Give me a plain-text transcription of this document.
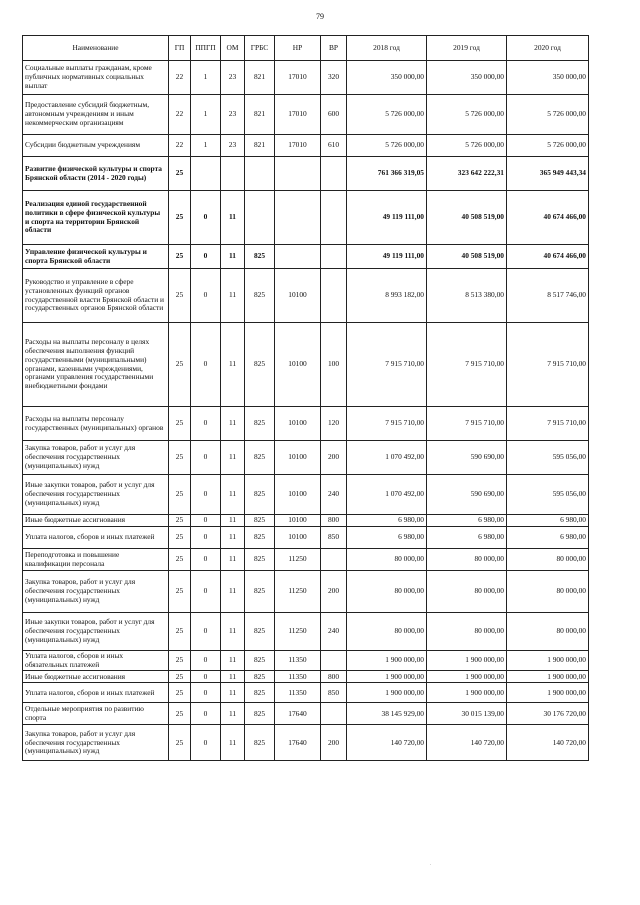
79
Наименование	ГП	ППГП	ОМ	ГРБС	НР	ВР	2018 год	2019 год	2020 год
Социальные выплаты гражданам, кроме публичных нормативных социальных выплат	22	1	23	821	17010	320	350 000,00	350 000,00	350 000,00
Предоставление субсидий бюджетным, автономным учреждениям и иным некоммерческим организациям	22	1	23	821	17010	600	5 726 000,00	5 726 000,00	5 726 000,00
Субсидии бюджетным учреждениям	22	1	23	821	17010	610	5 726 000,00	5 726 000,00	5 726 000,00
Развитие физической культуры и спорта Брянской области (2014 - 2020 годы)	25						761 366 319,05	323 642 222,31	365 949 443,34
Реализация единой государственной политики в сфере физической культуры и спорта на территории Брянской области	25	0	11				49 119 111,00	40 508 519,00	40 674 466,00
Управление физической культуры и спорта Брянской области	25	0	11	825			49 119 111,00	40 508 519,00	40 674 466,00
Руководство и управление в сфере установленных функций органов государственной власти Брянской области и государственных органов Брянской области	25	0	11	825	10100		8 993 182,00	8 513 380,00	8 517 746,00
Расходы на выплаты персоналу в целях обеспечения выполнения функций государственными (муниципальными) органами, казенными учреждениями, органами управления государственными внебюджетными фондами	25	0	11	825	10100	100	7 915 710,00	7 915 710,00	7 915 710,00
Расходы на выплаты персоналу государственных (муниципальных) органов	25	0	11	825	10100	120	7 915 710,00	7 915 710,00	7 915 710,00
Закупка товаров, работ и услуг для обеспечения государственных (муниципальных) нужд	25	0	11	825	10100	200	1 070 492,00	590 690,00	595 056,00
Иные закупки товаров, работ и услуг для обеспечения государственных (муниципальных) нужд	25	0	11	825	10100	240	1 070 492,00	590 690,00	595 056,00
Иные бюджетные ассигнования	25	0	11	825	10100	800	6 980,00	6 980,00	6 980,00
Уплата налогов, сборов и иных платежей	25	0	11	825	10100	850	6 980,00	6 980,00	6 980,00
Переподготовка и повышение квалификации персонала	25	0	11	825	11250		80 000,00	80 000,00	80 000,00
Закупка товаров, работ и услуг для обеспечения государственных (муниципальных) нужд	25	0	11	825	11250	200	80 000,00	80 000,00	80 000,00
Иные закупки товаров, работ и услуг для обеспечения государственных (муниципальных) нужд	25	0	11	825	11250	240	80 000,00	80 000,00	80 000,00
Уплата налогов, сборов и иных обязательных платежей	25	0	11	825	11350		1 900 000,00	1 900 000,00	1 900 000,00
Иные бюджетные ассигнования	25	0	11	825	11350	800	1 900 000,00	1 900 000,00	1 900 000,00
Уплата налогов, сборов и иных платежей	25	0	11	825	11350	850	1 900 000,00	1 900 000,00	1 900 000,00
Отдельные мероприятия по развитию спорта	25	0	11	825	17640		38 145 929,00	30 015 139,00	30 176 720,00
Закупка товаров, работ и услуг для обеспечения государственных (муниципальных) нужд	25	0	11	825	17640	200	140 720,00	140 720,00	140 720,00
.
